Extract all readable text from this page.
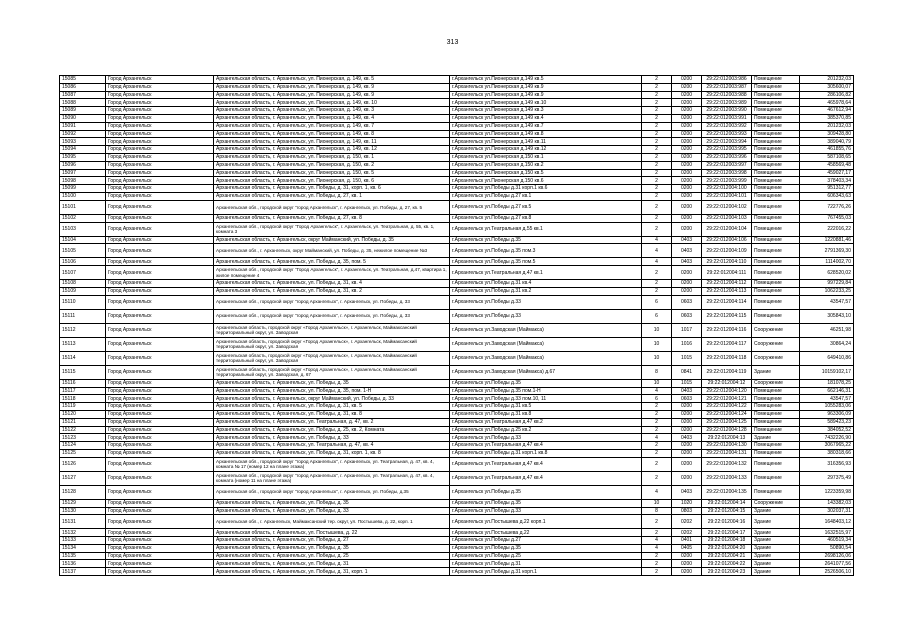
313
15085	Город Архангельск	Архангельская область, г. Архангельск, ул. Пионерская, д. 149, кв. 5	г.Архангельск ул.Пионерская д.149 кв.5	2	0200	29:22:012003:986	Помещение	201232,03
15086	Город Архангельск	Архангельская область, г. Архангельск, ул. Пионерская, д. 149, кв. 9	г.Архангельск ул.Пионерская д.149 кв.9	2	0200	29:22:012003:987	Помещение	305600,07
15087	Город Архангельск	Архангельская область, г. Архангельск, ул. Пионерская, д. 149, кв. 9	г.Архангельск ул.Пионерская д.149 кв.9	2	0200	29:22:012003:988	Помещение	286106,82
15088	Город Архангельск	Архангельская область, г. Архангельск, ул. Пионерская, д. 149, кв. 10	г.Архангельск ул.Пионерская д.149 кв.10	2	0200	29:22:012003:989	Помещение	465978,64
15089	Город Архангельск	Архангельская область, г. Архангельск, ул. Пионерская, д. 149, кв. 3	г.Архангельск ул.Пионерская д.149 кв.3	2	0200	29:22:012003:990	Помещение	467612,94
15090	Город Архангельск	Архангельская область, г. Архангельск, ул. Пионерская, д. 149, кв. 4	г.Архангельск ул.Пионерская д.149 кв.4	2	0200	29:22:012003:991	Помещение	385370,85
15091	Город Архангельск	Архангельская область, г. Архангельск, ул. Пионерская, д. 149, кв. 7	г.Архангельск ул.Пионерская д.149 кв.7	2	0200	29:22:012003:992	Помещение	201232,03
15092	Город Архангельск	Архангельская область, г. Архангельск, ул. Пионерская, д. 149, кв. 8	г.Архангельск ул.Пионерская д.149 кв.8	2	0200	29:22:012003:993	Помещение	309428,80
15093	Город Архангельск	Архангельская область, г. Архангельск, ул. Пионерская, д. 149, кв. 11	г.Архангельск ул.Пионерская д.149 кв.11	2	0200	29:22:012003:994	Помещение	389040,79
15094	Город Архангельск	Архангельская область, г. Архангельск, ул. Пионерская, д. 149, кв. 12	г.Архангельск ул.Пионерская д.149 кв.12	2	0200	29:22:012003:995	Помещение	461855,76
15095	Город Архангельск	Архангельская область, г. Архангельск, ул. Пионерская, д. 150, кв. 1	г.Архангельск ул.Пионерская д.150 кв.1	2	0200	29:22:012003:996	Помещение	587108,65
15096	Город Архангельск	Архангельская область, г. Архангельск, ул. Пионерская, д. 150, кв. 2	г.Архангельск ул.Пионерская д.150 кв.2	2	0200	29:22:012003:997	Помещение	458569,48
15097	Город Архангельск	Архангельская область, г. Архангельск, ул. Пионерская, д. 150, кв. 5	г.Архангельск ул.Пионерская д.150 кв.5	2	0200	29:22:012003:998	Помещение	459027,17
15098	Город Архангельск	Архангельская область, г. Архангельск, ул. Пионерская, д. 150, кв. 6	г.Архангельск ул.Пионерская д.150 кв.6	2	0200	29:22:012003:999	Помещение	378403,34
15099	Город Архангельск	Архангельская область, г. Архангельск, ул. Победы, д. 31, корп. 1, кв. 6	г.Архангельск ул.Победы д.31 корп.1 кв.6	2	0200	29:22:012004:100	Помещение	951312,77
15100	Город Архангельск	Архангельская область, г. Архангельск, ул. Победы, д. 27, кв. 1	г.Архангельск ул.Победы д.27 кв.1	2	0200	29:22:012004:101	Помещение	606343,63
15101	Город Архангельск	Архангельская обл., городской округ "город Архангельск", г. Архангельск, ул. Победы, д. 27, кв. 5	г.Архангельск ул.Победы д.27 кв.5	2	0200	29:22:012004:102	Помещение	722776,26
15102	Город Архангельск	Архангельская область, г. Архангельск, ул. Победы, д. 27, кв. 8	г.Архангельск ул.Победы д.27 кв.8	2	0200	29:22:012004:103	Помещение	767455,03
15103	Город Архангельск	Архангельская обл., городской округ "Город Архангельск", г. Архангельск, ул. Театральная, д. 55, кв. 1, комната 3	г.Архангельск ул.Театральная д.55 кв.1	2	0200	29:22:012004:104	Помещение	222016,22
15104	Город Архангельск	Архангельская область, г. Архангельск, округ Майманский, ул. Победы, д. 35	г.Архангельск ул.Победы д.35	4	0403	29:22:012004:106	Помещение	1220881,46
15105	Город Архангельск	Архангельская обл., г. Архангельск, округ Майманский, ул. Победы, д. 35, нежилое помещение №3	г.Архангельск ул.Победы д.35 пом.3	4	0403	29:22:012004:109	Помещение	2791369,30
15106	Город Архангельск	Архангельская область, г. Архангельск, ул. Победы, д. 35, пом. 5	г.Архангельск ул.Победы д.35 пом.5	4	0403	29:22:012004:110	Помещение	1114002,70
15107	Город Архангельск	Архангельская обл., городской округ "Город Архангельск", г. Архангельск, ул. Театральная, д.47, квартира 1, жилое помещение 4	г.Архангельск ул.Театральная д.47 кв.1	2	0200	29:22:012004:111	Помещение	628520,02
15108	Город Архангельск	Архангельская область, г. Архангельск, ул. Победы, д. 31, кв. 4	г.Архангельск ул.Победы д.31 кв.4	2	0200	29:22:012004:112	Помещение	997229,84
15109	Город Архангельск	Архангельская область, г. Архангельск, ул. Победы, д. 31, кв. 2	г.Архангельск ул.Победы д.31 кв.2	2	0200	29:22:012004:113	Помещение	1062233,25
15110	Город Архангельск	Архангельская обл., городской округ "город Архангельск", г. Архангельск, ул. Победы, д. 33	г.Архангельск ул.Победы д.33	6	0603	29:22:012004:114	Помещение	43547,57
15111	Город Архангельск	Архангельская обл., городской округ "город Архангельск", г. Архангельск, ул. Победы, д. 33	г.Архангельск ул.Победы д.33	6	0603	29:22:012004:115	Помещение	305843,10
15112	Город Архангельск	Архангельская область, городской округ «Город Архангельск», г. Архангельск, Маймаксанский территориальный округ, ул. Заводская	г.Архангельск ул.Заводская (Маймакса)	10	1017	29:22:012004:116	Сооружение	46251,98
15113	Город Архангельск	Архангельская область, городской округ «Город Архангельск», г. Архангельск, Маймаксанский территориальный округ, ул. Заводская	г.Архангельск ул.Заводская (Маймакса)	10	1016	29:22:012004:117	Сооружение	30864,24
15114	Город Архангельск	Архангельская область, городской округ «Город Архангельск», г. Архангельск, Маймаксанский территориальный округ, ул. Заводская	г.Архангельск ул.Заводская (Маймакса)	10	1015	29:22:012004:118	Сооружение	649410,86
15115	Город Архангельск	Архангельская область, городской округ «Город Архангельск», г. Архангельск, Маймаксанский территориальный округ, ул. Заводская, д. 67	г.Архангельск ул.Заводская (Маймакса) д.67	8	0841	29:22:012004:119	Здание	10159102,17
15116	Город Архангельск	Архангельская область, г. Архангельск, ул. Победы, д. 35	г.Архангельск ул.Победы д.35	10	1015	29:22:012004:12	Сооружение	181078,25
15117	Город Архангельск	Архангельская область, г. Архангельск, ул. Победы, д. 35, пом. 1-Н	г.Архангельск ул.Победы д.35 пом.1-Н	4	0403	29:22:012004:120	Помещение	662146,31
15118	Город Архангельск	Архангельская область, г. Архангельск, округ Майманский, ул. Победы, д. 33	г.Архангельск ул.Победы д.33 пом.10, 11	6	0603	29:22:012004:121	Помещение	43547,57
15119	Город Архангельск	Архангельская область, г. Архангельск, ул. Победы, д. 31, кв. 5	г.Архангельск ул.Победы д.31 кв.5	2	0200	29:22:012004:122	Помещение	1055283,06
15120	Город Архангельск	Архангельская область, г. Архангельск, ул. Победы, д. 31, кв. 8	г.Архангельск ул.Победы д.31 кв.8	2	0200	29:22:012004:124	Помещение	963306,09
15121	Город Архангельск	Архангельская область, г. Архангельск, ул. Театральная, д. 47, кв. 2	г.Архангельск ул.Театральная д.47 кв.2	2	0200	29:22:012004:125	Помещение	589423,23
15122	Город Архангельск	Архангельская область, г. Архангельск, ул. Победы, д. 25, кв. 2, Комната	г.Архангельск ул.Победы д.25 кв.2	2	0200	29:22:012004:128	Помещение	384052,52
15123	Город Архангельск	Архангельская область, г. Архангельск, ул. Победы, д. 33	г.Архангельск ул.Победы д.33	4	0403	29:22:012004:13	Здание	7432226,90
15124	Город Архангельск	Архангельская область, г. Архангельск, ул. Театральная, д. 47, кв. 4	г.Архангельск ул.Театральная д.47 кв.4	2	0200	29:22:012004:130	Помещение	3067965,22
15125	Город Архангельск	Архангельская область, г. Архангельск, ул. Победы, д. 31, корп. 1, кв. 8	г.Архангельск ул.Победы д.31 корп.1 кв.8	2	0200	29:22:012004:131	Помещение	380318,66
15126	Город Архангельск	Архангельская обл., городской округ "город Архангельск", г. Архангельск, ул. Театральная, д. 47, кв. 4, комната № 17 (номер 12 на плане этажа)	г.Архангельск ул.Театральная д.47 кв.4	2	0200	29:22:012004:132	Помещение	316356,93
15127	Город Архангельск	Архангельская обл., городской округ "город Архангельск", г. Архангельск, ул. Театральная, д. 47, кв. 4, комната (номер 11 на плане этажа)	г.Архангельск ул.Театральная д.47 кв.4	2	0200	29:22:012004:133	Помещение	297375,49
15128	Город Архангельск	Архангельская обл., городской округ "город Архангельск", г. Архангельск, ул. Победы, д.35	г.Архангельск ул.Победы д.35	4	0403	29:22:012004:135	Помещение	1223359,98
15129	Город Архангельск	Архангельская область, г. Архангельск, ул. Победы, д. 35	г.Архангельск ул.Победы д.35	10	1020	29:22:012004:14	Сооружение	143382,03
15130	Город Архангельск	Архангельская область, г. Архангельск, ул. Победы, д. 33	г.Архангельск ул.Победы д.33	8	0803	29:22:012004:15	Здание	302037,31
15131	Город Архангельск	Архангельская обл., г. Архангельск, Маймаксанский тер. округ, ул. Постышева, д. 22, корп. 1	г.Архангельск ул.Постышева д.22 корп.1	2	0202	29:22:012004:16	Здание	1648403,12
15132	Город Архангельск	Архангельская область, г. Архангельск, ул. Постышева, д. 22	г.Архангельск ул.Постышева д.22	2	0202	29:22:012004:17	Здание	1632515,97
15133	Город Архангельск	Архангельская область, г. Архангельск, ул. Победы, д. 27	г.Архангельск ул.Победы д.27	4	0401	29:22:012004:18	Здание	460519,34
15134	Город Архангельск	Архангельская область, г. Архангельск, ул. Победы, д. 35	г.Архангельск ул.Победы д.35	4	0405	29:22:012004:20	Здание	50890,54
15135	Город Архангельск	Архангельская область, г. Архангельск, ул. Победы, д. 25	г.Архангельск ул.Победы д.25	2	0200	29:22:012004:21	Здание	2698126,06
15136	Город Архангельск	Архангельская область, г. Архангельск, ул. Победы, д. 31	г.Архангельск ул.Победы д.31	2	0200	29:22:012004:22	Здание	2641077,56
15137	Город Архангельск	Архангельская область, г. Архангельск, ул. Победы, д. 31, корп. 1	г.Архангельск ул.Победы д.31 корп.1	2	0200	29:22:012004:23	Здание	2526506,10
